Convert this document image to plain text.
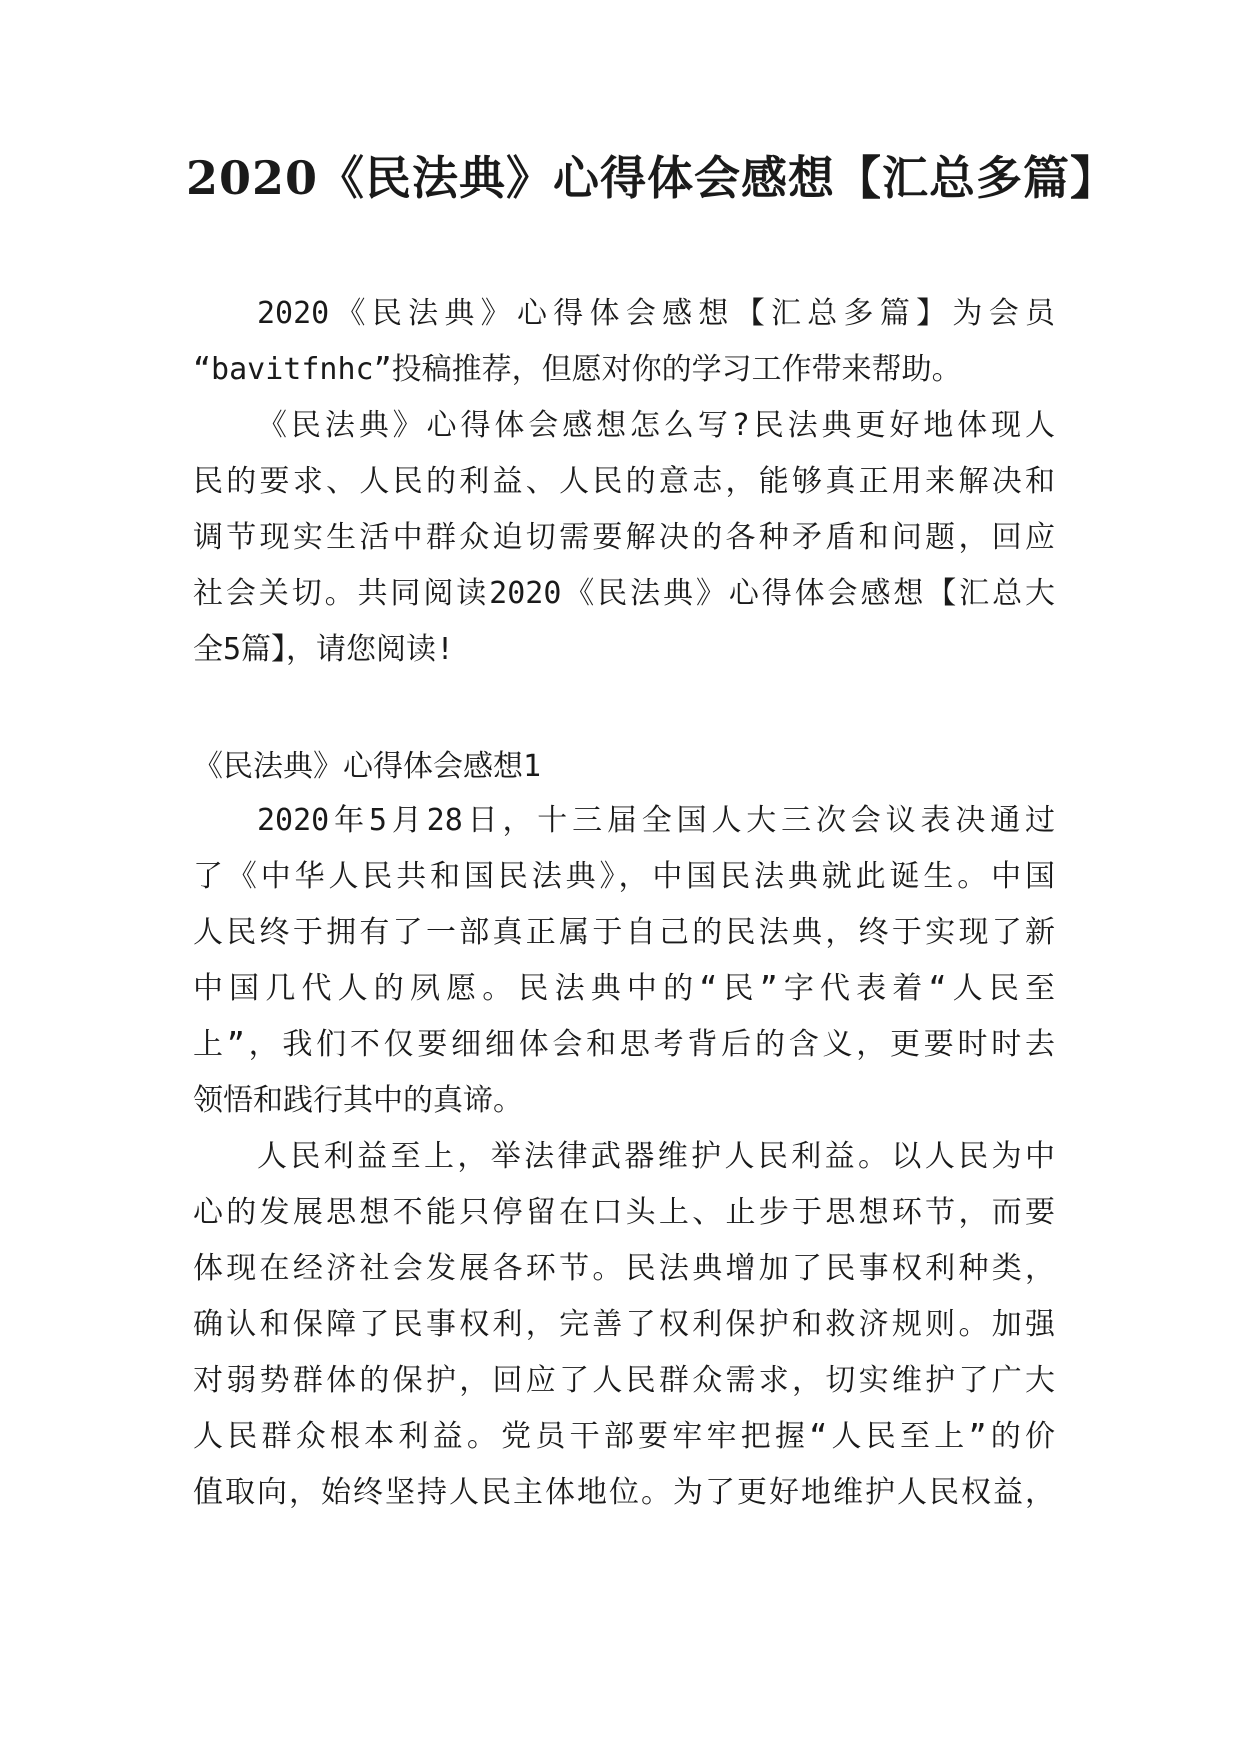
2020《民法典》心得体会感想【汇总多篇】
2020《民法典》心得体会感想【汇总多篇】为会员
“bavitfnhc”投稿推荐，但愿对你的学习工作带来帮助。
《民法典》心得体会感想怎么写?民法典更好地体现人
民的要求、人民的利益、人民的意志，能够真正用来解决和
调节现实生活中群众迫切需要解决的各种矛盾和问题，回应
社会关切。共同阅读2020《民法典》心得体会感想【汇总大
全5篇】，请您阅读!
《民法典》心得体会感想1
2020年5月28日，十三届全国人大三次会议表决通过
了《中华人民共和国民法典》，中国民法典就此诞生。中国
人民终于拥有了一部真正属于自己的民法典，终于实现了新
中国几代人的夙愿。民法典中的“民”字代表着“人民至
上”，我们不仅要细细体会和思考背后的含义，更要时时去
领悟和践行其中的真谛。
人民利益至上，举法律武器维护人民利益。以人民为中
心的发展思想不能只停留在口头上、止步于思想环节，而要
体现在经济社会发展各环节。民法典增加了民事权利种类，
确认和保障了民事权利，完善了权利保护和救济规则。加强
对弱势群体的保护，回应了人民群众需求，切实维护了广大
人民群众根本利益。党员干部要牢牢把握“人民至上”的价
值取向，始终坚持人民主体地位。为了更好地维护人民权益，
